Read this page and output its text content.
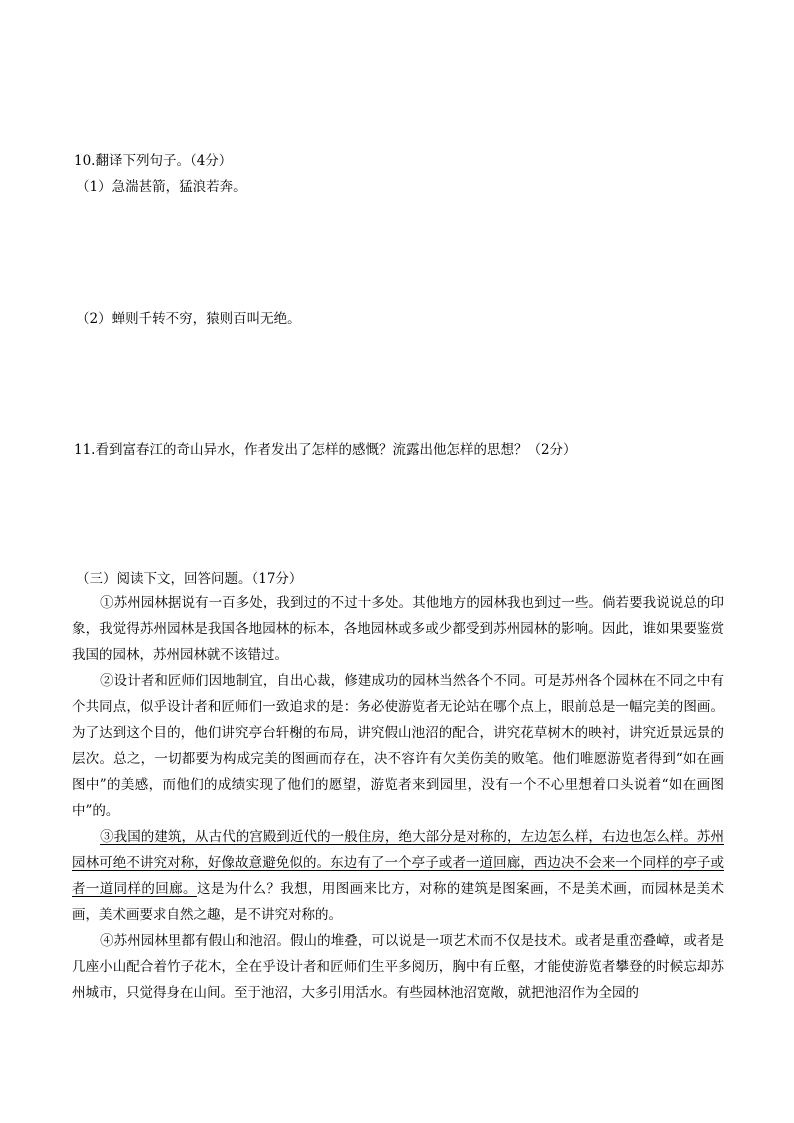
10.翻译下列句子。（4分）
（1）急湍甚箭，猛浪若奔。
（2）蝉则千转不穷，猿则百叫无绝。
11.看到富春江的奇山异水，作者发出了怎样的感慨？流露出他怎样的思想？（2分）
（三）阅读下文，回答问题。（17分）
①苏州园林据说有一百多处，我到过的不过十多处。其他地方的园林我也到过一些。倘若要我说说总的印象，我觉得苏州园林是我国各地园林的标本，各地园林或多或少都受到苏州园林的影响。因此，谁如果要鉴赏我国的园林，苏州园林就不该错过。
②设计者和匠师们因地制宜，自出心裁，修建成功的园林当然各个不同。可是苏州各个园林在不同之中有个共同点，似乎设计者和匠师们一致追求的是：务必使游览者无论站在哪个点上，眼前总是一幅完美的图画。为了达到这个目的，他们讲究亭台轩榭的布局，讲究假山池沼的配合，讲究花草树木的映衬，讲究近景远景的层次。总之，一切都要为构成完美的图画而存在，决不容许有欠美伤美的败笔。他们唯愿游览者得到“如在画图中”的美感，而他们的成绩实现了他们的愿望，游览者来到园里，没有一个不心里想着口头说着“如在画图中”的。
③我国的建筑，从古代的宫殿到近代的一般住房，绝大部分是对称的，左边怎么样，右边也怎么样。苏州园林可绝不讲究对称，好像故意避免似的。东边有了一个亭子或者一道回廊，西边决不会来一个同样的亭子或者一道同样的回廊。这是为什么？我想，用图画来比方，对称的建筑是图案画，不是美术画，而园林是美术画，美术画要求自然之趣，是不讲究对称的。
④苏州园林里都有假山和池沼。假山的堆叠，可以说是一项艺术而不仅是技术。或者是重峦叠嶂，或者是几座小山配合着竹子花木，全在乎设计者和匠师们生平多阅历，胸中有丘壑，才能使游览者攀登的时候忘却苏州城市，只觉得身在山间。至于池沼，大多引用活水。有些园林池沼宽敞，就把池沼作为全园的
